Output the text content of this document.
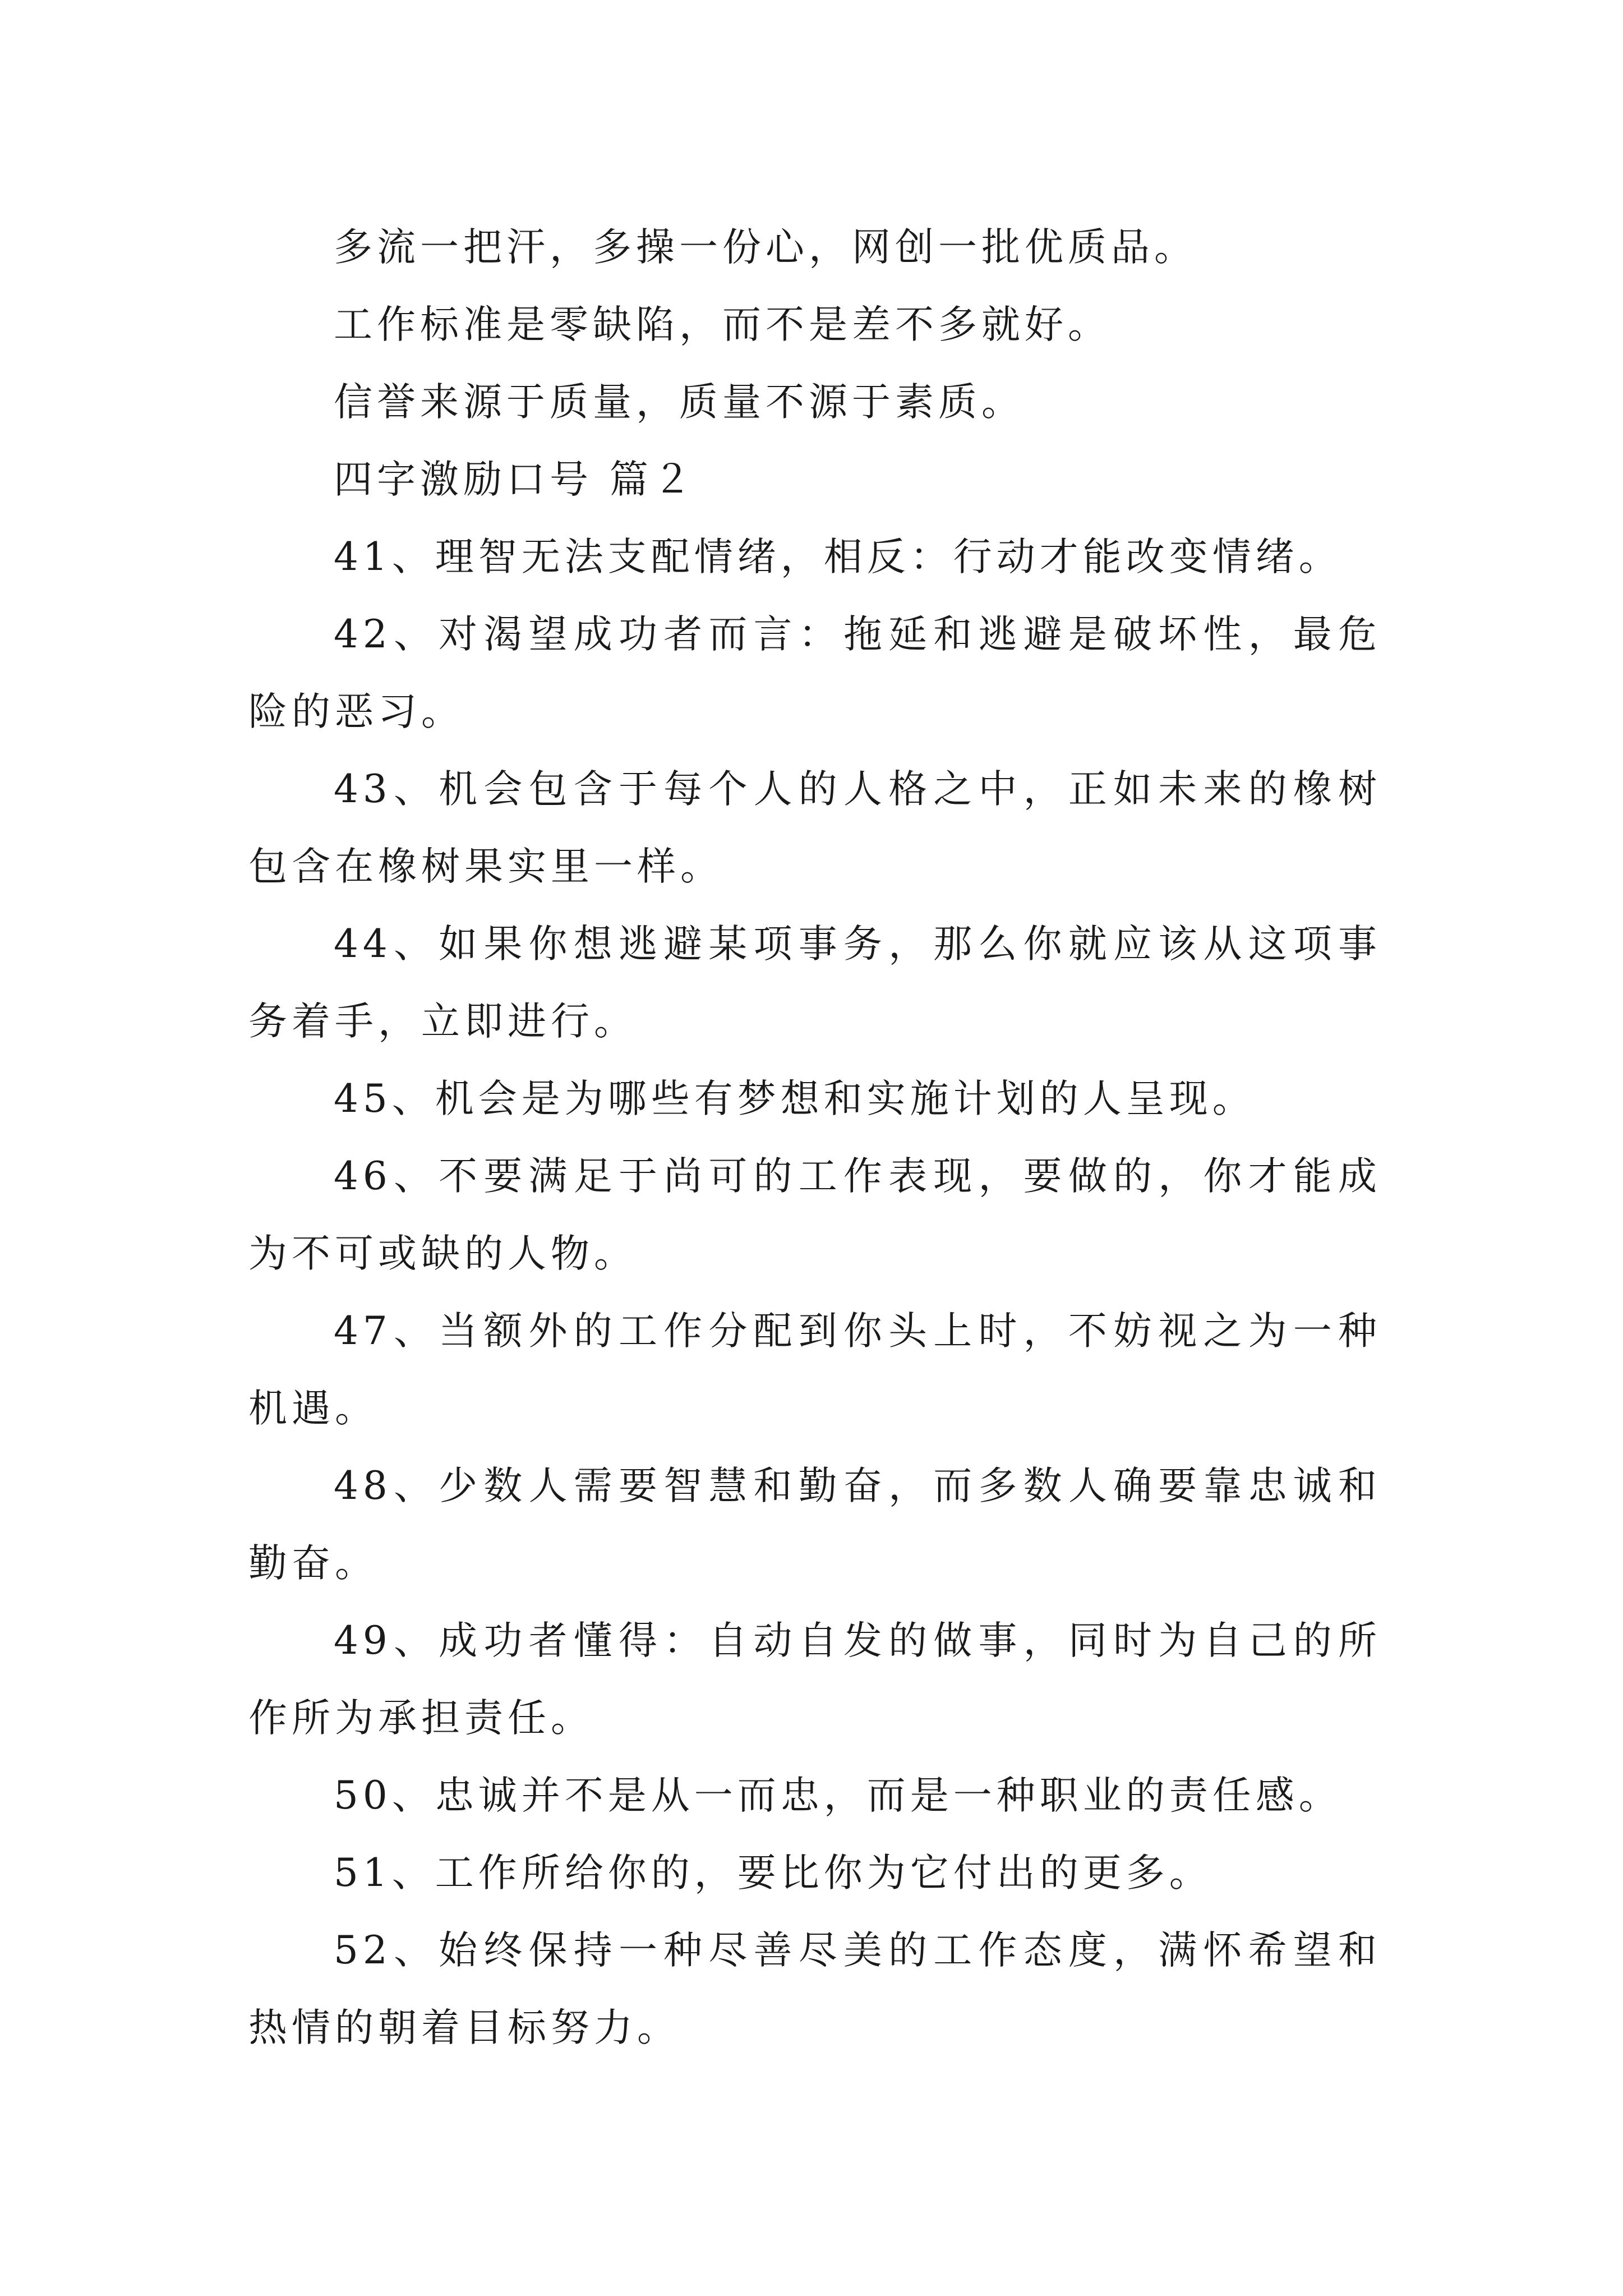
多流一把汗，多操一份心，网创一批优质品。

工作标准是零缺陷，而不是差不多就好。

信誉来源于质量，质量不源于素质。

四字激励口号 篇２

41、理智无法支配情绪，相反：行动才能改变情绪。

42、对渴望成功者而言：拖延和逃避是破坏性，最危险的恶习。

43、机会包含于每个人的人格之中，正如未来的橡树包含在橡树果实里一样。

44、如果你想逃避某项事务，那么你就应该从这项事务着手，立即进行。

45、机会是为哪些有梦想和实施计划的人呈现。

46、不要满足于尚可的工作表现，要做的，你才能成为不可或缺的人物。

47、当额外的工作分配到你头上时，不妨视之为一种机遇。

48、少数人需要智慧和勤奋，而多数人确要靠忠诚和勤奋。

49、成功者懂得：自动自发的做事，同时为自己的所作所为承担责任。

50、忠诚并不是从一而忠，而是一种职业的责任感。

51、工作所给你的，要比你为它付出的更多。

52、始终保持一种尽善尽美的工作态度，满怀希望和热情的朝着目标努力。
